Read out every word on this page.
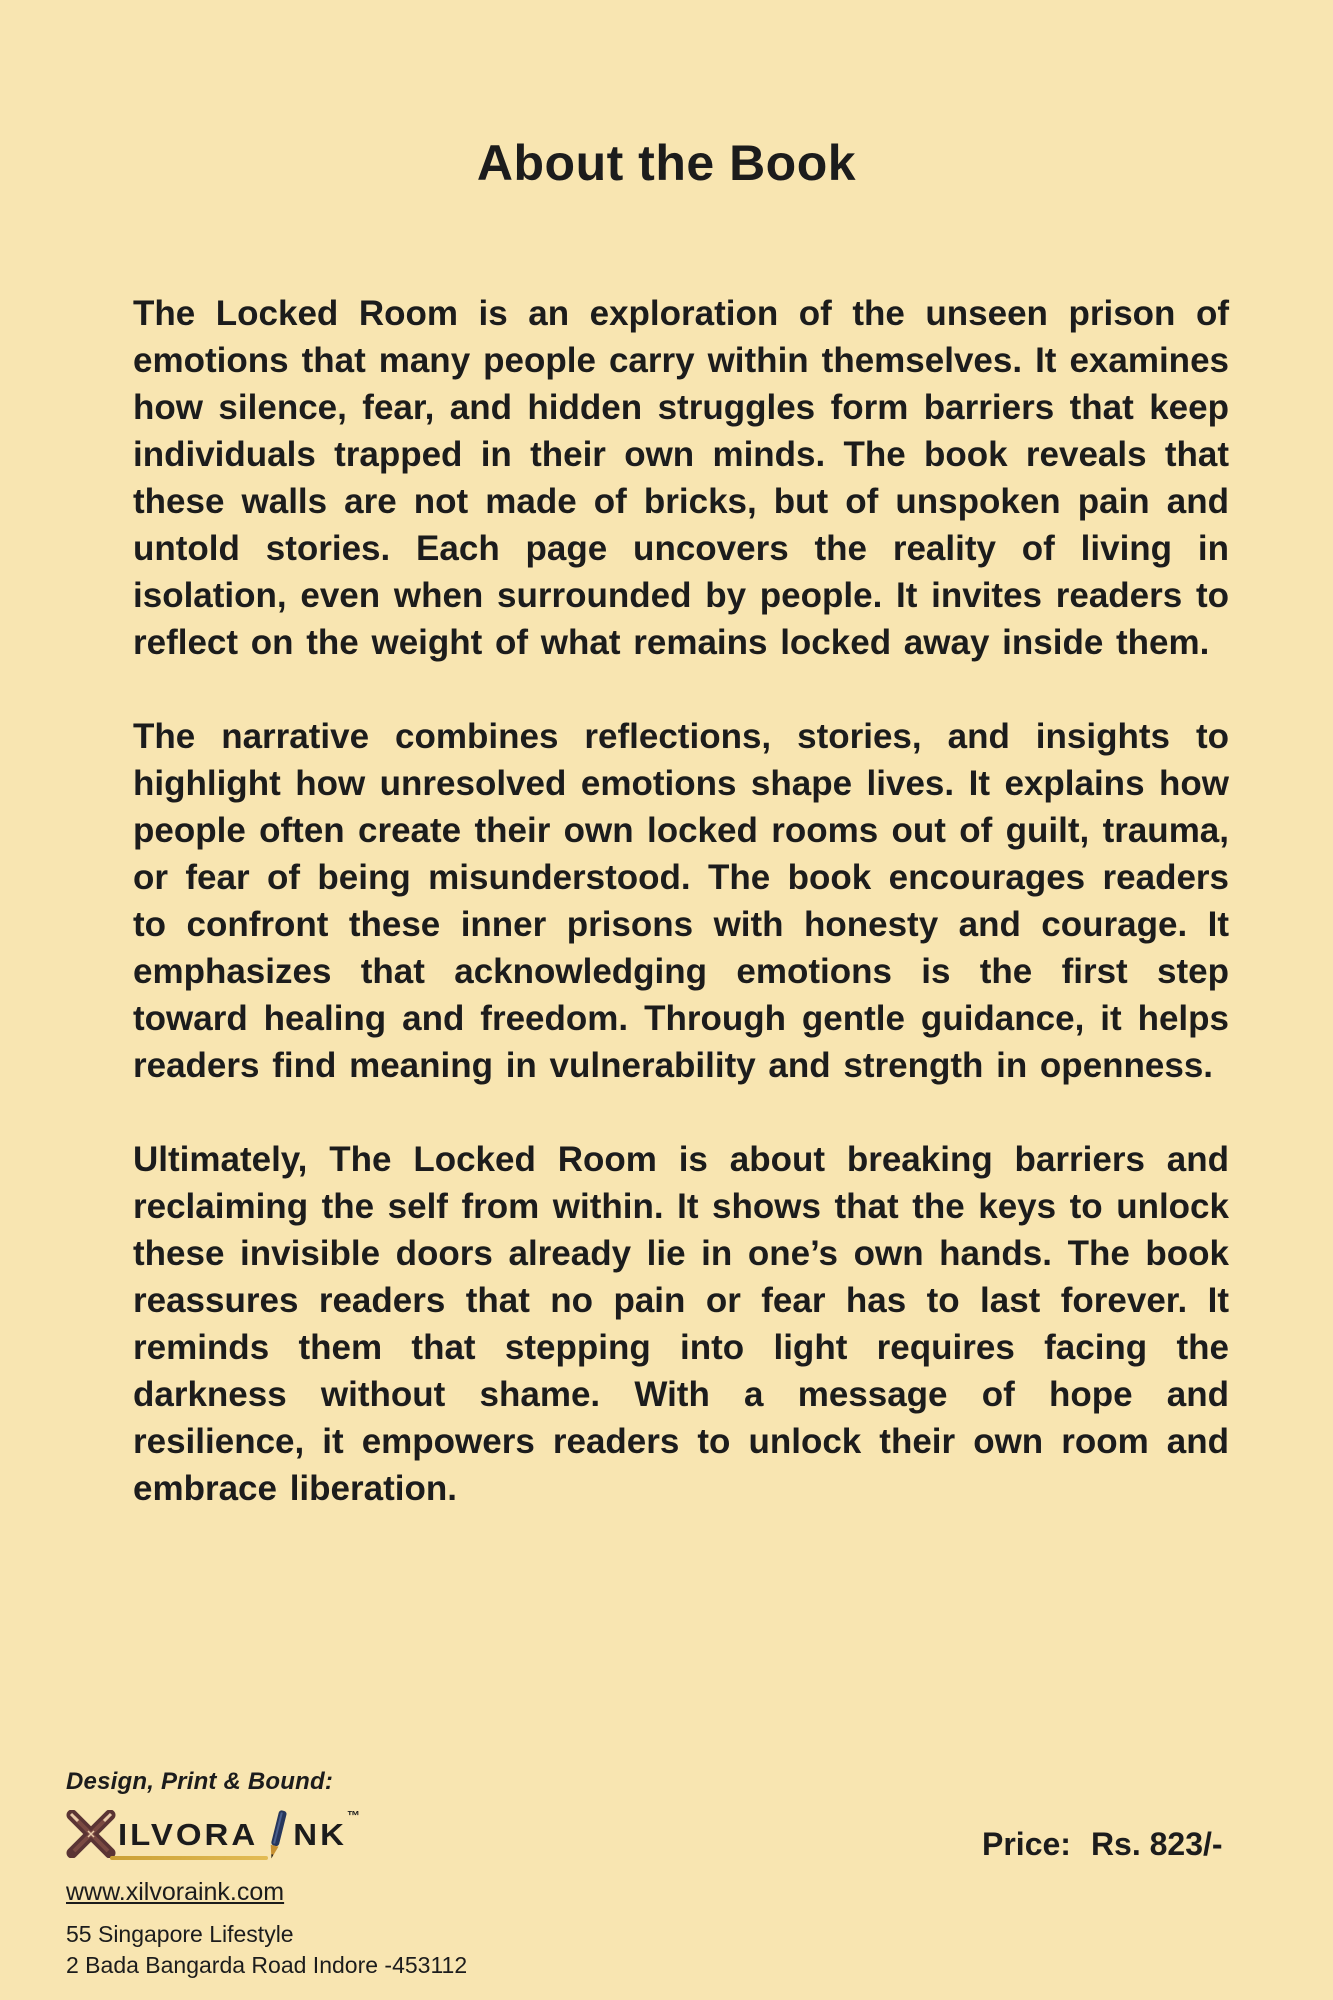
About the Book

The Locked Room is an exploration of the unseen prison of emotions that many people carry within themselves. It examines how silence, fear, and hidden struggles form barriers that keep individuals trapped in their own minds. The book reveals that these walls are not made of bricks, but of unspoken pain and untold stories. Each page uncovers the reality of living in isolation, even when surrounded by people. It invites readers to reflect on the weight of what remains locked away inside them.

The narrative combines reflections, stories, and insights to highlight how unresolved emotions shape lives. It explains how people often create their own locked rooms out of guilt, trauma, or fear of being misunderstood. The book encourages readers to confront these inner prisons with honesty and courage. It emphasizes that acknowledging emotions is the first step toward healing and freedom. Through gentle guidance, it helps readers find meaning in vulnerability and strength in openness.

Ultimately, The Locked Room is about breaking barriers and reclaiming the self from within. It shows that the keys to unlock these invisible doors already lie in one’s own hands. The book reassures readers that no pain or fear has to last forever. It reminds them that stepping into light requires facing the darkness without shame. With a message of hope and resilience, it empowers readers to unlock their own room and embrace liberation.

Design, Print & Bound:
ILVORA NK
™
www.xilvoraink.com
55 Singapore Lifestyle
2 Bada Bangarda Road Indore -453112
Price: Rs. 823/-
